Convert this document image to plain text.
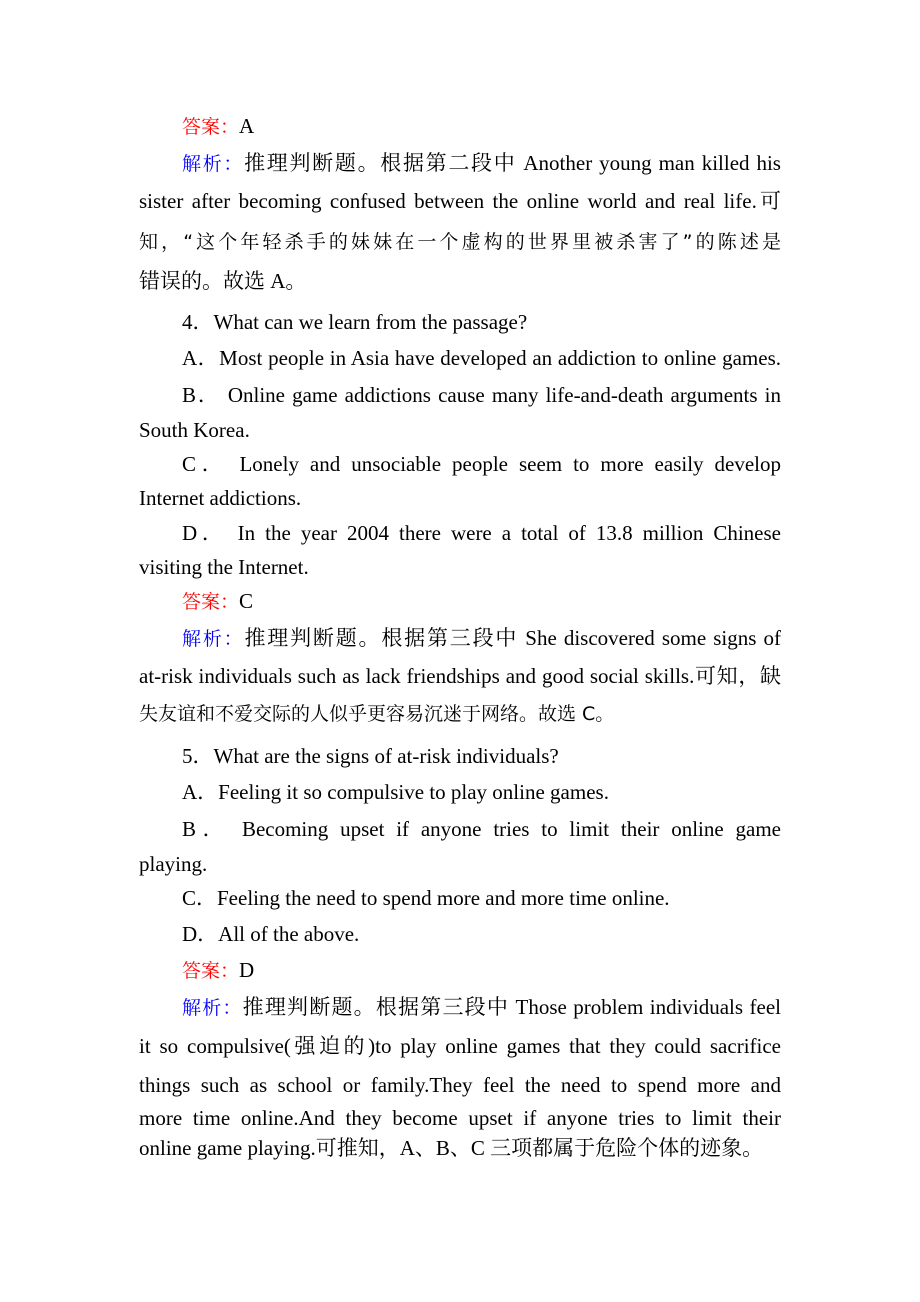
答案：A
解析：推理判断题。根据第二段中 Another young man killed his
sister after becoming confused between the online world and real life.可
知，“这个年轻杀手的妹妹在一个虚构的世界里被杀害了”的陈述是
错误的。故选 A。
4．What can we learn from the passage?
A．Most people in Asia have developed an addiction to online games.
B． Online game addictions cause many life-and-death arguments in
South Korea.
C． Lonely and unsociable people seem to more easily develop
Internet addictions.
D． In the year 2004 there were a total of 13.8 million Chinese
visiting the Internet.
答案：C
解析：推理判断题。根据第三段中 She discovered some signs of
at-risk individuals such as lack friendships and good social skills.可知，缺
失友谊和不爱交际的人似乎更容易沉迷于网络。故选 C。
5．What are the signs of at-risk individuals?
A．Feeling it so compulsive to play online games.
B． Becoming upset if anyone tries to limit their online game
playing.
C．Feeling the need to spend more and more time online.
D．All of the above.
答案：D
解析：推理判断题。根据第三段中 Those problem individuals feel
it so compulsive(强迫的)to play online games that they could sacrifice
things such as school or family.They feel the need to spend more and
more time online.And they become upset if anyone tries to limit their
online game playing.可推知，A、B、C 三项都属于危险个体的迹象。
